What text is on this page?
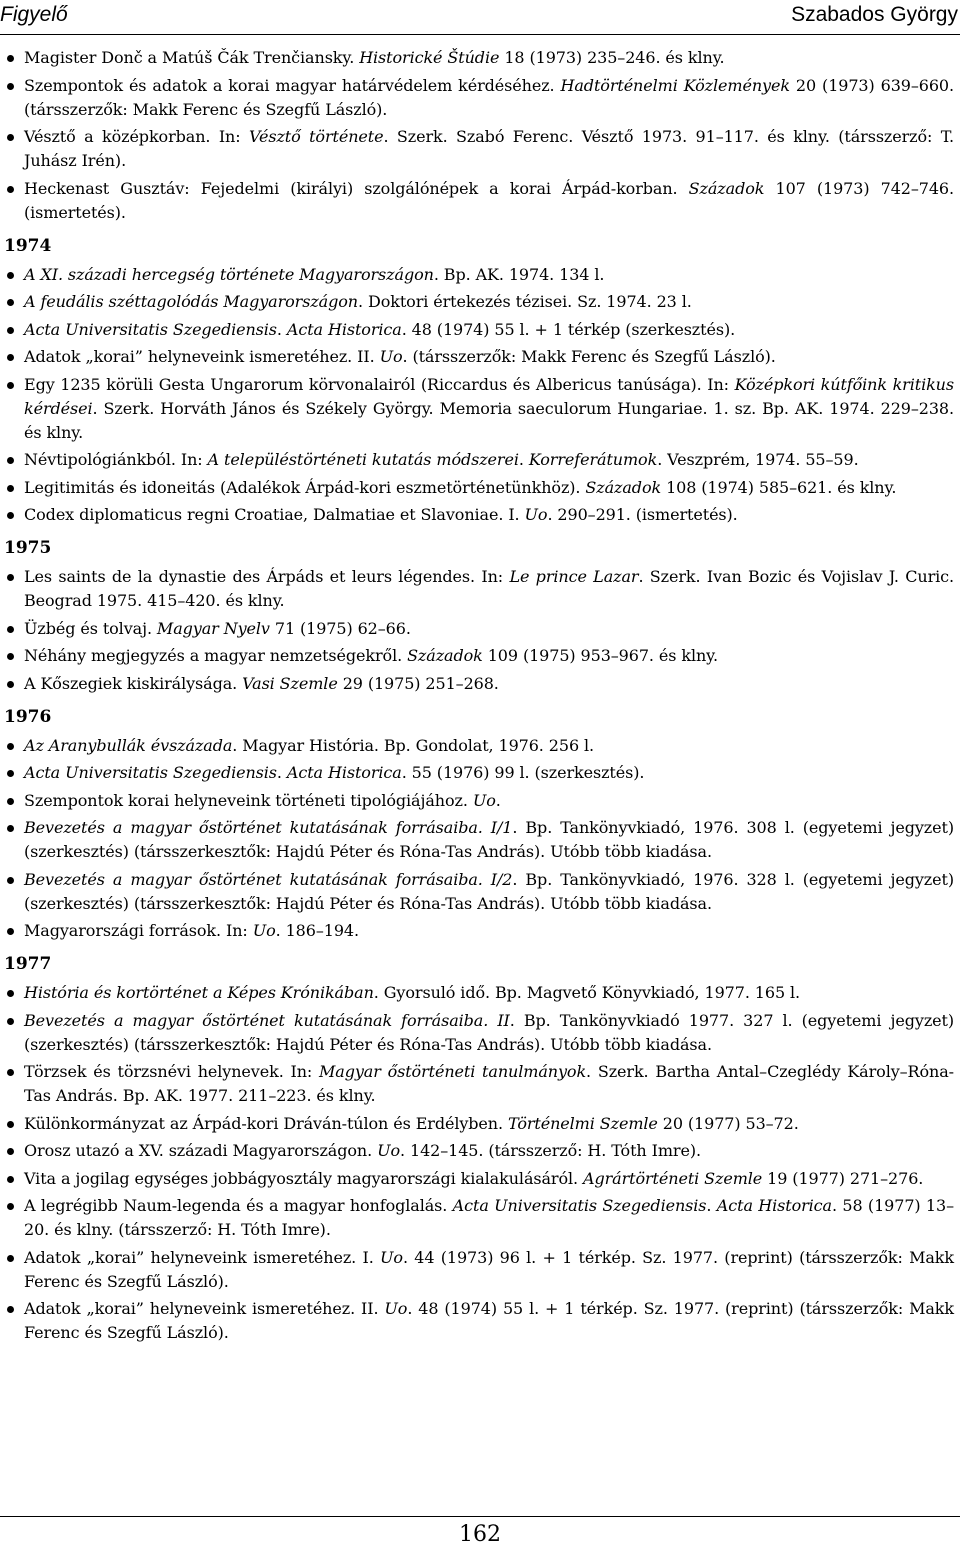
Figyelő	Szabados György
Magister Donč a Matúš Čák Trenčiansky. Historické Štúdie 18 (1973) 235–246. és klny.
Szempontok és adatok a korai magyar határvédelem kérdéséhez. Hadtörténelmi Közlemények 20 (1973) 639–660. (társszerzők: Makk Ferenc és Szegfű László).
Vésztő a középkorban. In: Vésztő története. Szerk. Szabó Ferenc. Vésztő 1973. 91–117. és klny. (társszerző: T. Juhász Irén).
Heckenast Gusztáv: Fejedelmi (királyi) szolgálónépek a korai Árpád-korban. Századok 107 (1973) 742–746. (ismertetés).
1974
A XI. századi hercegség története Magyarországon. Bp. AK. 1974. 134 l.
A feudális széttagolódás Magyarországon. Doktori értekezés tézisei. Sz. 1974. 23 l.
Acta Universitatis Szegediensis. Acta Historica. 48 (1974) 55 l. + 1 térkép (szerkesztés).
Adatok „korai” helyneveink ismeretéhez. II. Uo. (társszerzők: Makk Ferenc és Szegfű László).
Egy 1235 körüli Gesta Ungarorum körvonalairól (Riccardus és Albericus tanúsága). In: Középkori kútfőink kritikus kérdései. Szerk. Horváth János és Székely György. Memoria saeculorum Hungariae. 1. sz. Bp. AK. 1974. 229–238. és klny.
Névtipológiánkból. In: A településtörténeti kutatás módszerei. Korreferátumok. Veszprém, 1974. 55–59.
Legitimitás és idoneitás (Adalékok Árpád-kori eszmetörténetünkhöz). Századok 108 (1974) 585–621. és klny.
Codex diplomaticus regni Croatiae, Dalmatiae et Slavoniae. I. Uo. 290–291. (ismertetés).
1975
Les saints de la dynastie des Árpáds et leurs légendes. In: Le prince Lazar. Szerk. Ivan Bozic és Vojislav J. Curic. Beograd 1975. 415–420. és klny.
Üzbég és tolvaj. Magyar Nyelv 71 (1975) 62–66.
Néhány megjegyzés a magyar nemzetségekről. Századok 109 (1975) 953–967. és klny.
A Kőszegiek kiskirálysága. Vasi Szemle 29 (1975) 251–268.
1976
Az Aranybullák évszázada. Magyar História. Bp. Gondolat, 1976. 256 l.
Acta Universitatis Szegediensis. Acta Historica. 55 (1976) 99 l. (szerkesztés).
Szempontok korai helyneveink történeti tipológiájához. Uo.
Bevezetés a magyar őstörténet kutatásának forrásaiba. I/1. Bp. Tankönyvkiadó, 1976. 308 l. (egyetemi jegyzet) (szerkesztés) (társszerkesztők: Hajdú Péter és Róna-Tas András). Utóbb több kiadása.
Bevezetés a magyar őstörténet kutatásának forrásaiba. I/2. Bp. Tankönyvkiadó, 1976. 328 l. (egyetemi jegyzet) (szerkesztés) (társszerkesztők: Hajdú Péter és Róna-Tas András). Utóbb több kiadása.
Magyarországi források. In: Uo. 186–194.
1977
História és kortörténet a Képes Krónikában. Gyorsuló idő. Bp. Magvető Könyvkiadó, 1977. 165 l.
Bevezetés a magyar őstörténet kutatásának forrásaiba. II. Bp. Tankönyvkiadó 1977. 327 l. (egyetemi jegyzet) (szerkesztés) (társszerkesztők: Hajdú Péter és Róna-Tas András). Utóbb több kiadása.
Törzsek és törzsnévi helynevek. In: Magyar őstörténeti tanulmányok. Szerk. Bartha Antal–Czeglédy Károly–Róna-Tas András. Bp. AK. 1977. 211–223. és klny.
Különkormányzat az Árpád-kori Dráván-túlon és Erdélyben. Történelmi Szemle 20 (1977) 53–72.
Orosz utazó a XV. századi Magyarországon. Uo. 142–145. (társszerző: H. Tóth Imre).
Vita a jogilag egységes jobbágyosztály magyarországi kialakulásáról. Agrártörténeti Szemle 19 (1977) 271–276.
A legrégibb Naum-legenda és a magyar honfoglalás. Acta Universitatis Szegediensis. Acta Historica. 58 (1977) 13–20. és klny. (társszerző: H. Tóth Imre).
Adatok „korai” helyneveink ismeretéhez. I. Uo. 44 (1973) 96 l. + 1 térkép. Sz. 1977. (reprint) (társszerzők: Makk Ferenc és Szegfű László).
Adatok „korai” helyneveink ismeretéhez. II. Uo. 48 (1974) 55 l. + 1 térkép. Sz. 1977. (reprint) (társszerzők: Makk Ferenc és Szegfű László).
162
